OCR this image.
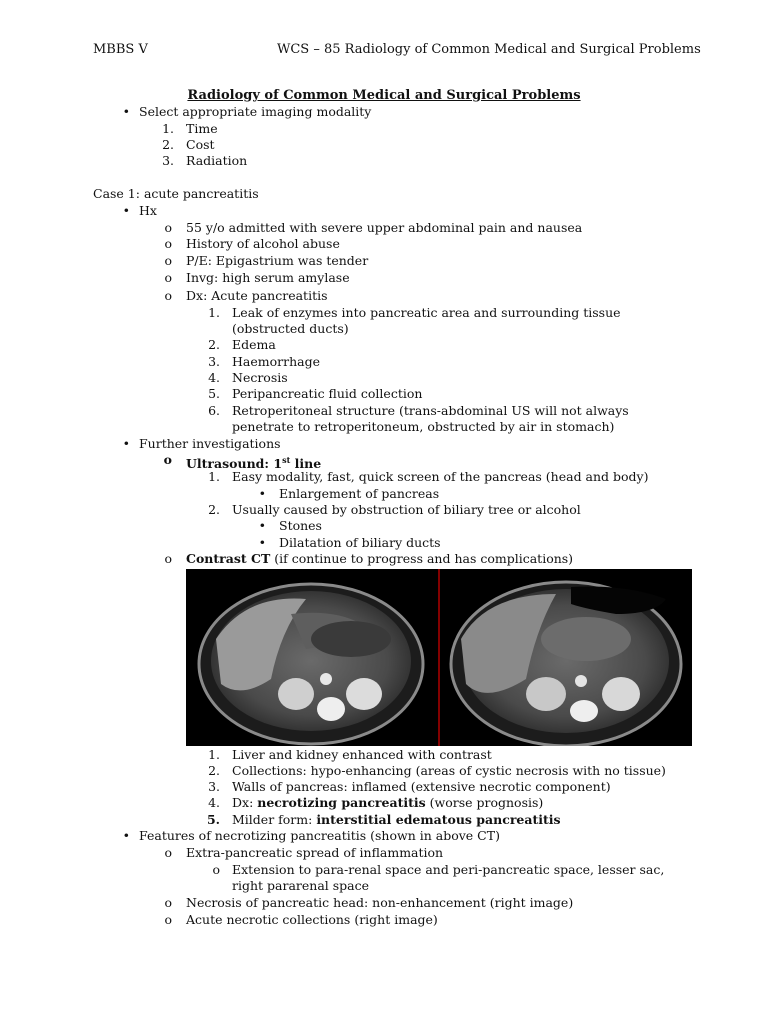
MBBS V	WCS – 85 Radiology of Common Medical and Surgical Problems
Radiology of Common Medical and Surgical Problems
• Select appropriate imaging modality
1. Time
2. Cost
3. Radiation
Case 1: acute pancreatitis
• Hx
o 55 y/o admitted with severe upper abdominal pain and nausea
o History of alcohol abuse
o P/E: Epigastrium was tender
o Invg: high serum amylase
o Dx: Acute pancreatitis
1. Leak of enzymes into pancreatic area and surrounding tissue
(obstructed ducts)
2. Edema
3. Haemorrhage
4. Necrosis
5. Peripancreatic fluid collection
6. Retroperitoneal structure (trans-abdominal US will not always
penetrate to retroperitoneum, obstructed by air in stomach)
• Further investigations
o Ultrasound: 1st line
1. Easy modality, fast, quick screen of the pancreas (head and body)
• Enlargement of pancreas
2. Usually caused by obstruction of biliary tree or alcohol
• Stones
• Dilatation of biliary ducts
o Contrast CT (if continue to progress and has complications)
1. Liver and kidney enhanced with contrast
2. Collections: hypo-enhancing (areas of cystic necrosis with no tissue)
3. Walls of pancreas: inflamed (extensive necrotic component)
4. Dx: necrotizing pancreatitis (worse prognosis)
5. Milder form: interstitial edematous pancreatitis
• Features of necrotizing pancreatitis (shown in above CT)
o Extra-pancreatic spread of inflammation
o Extension to para-renal space and peri-pancreatic space, lesser sac,
right pararenal space
o Necrosis of pancreatic head: non-enhancement (right image)
o Acute necrotic collections (right image)
